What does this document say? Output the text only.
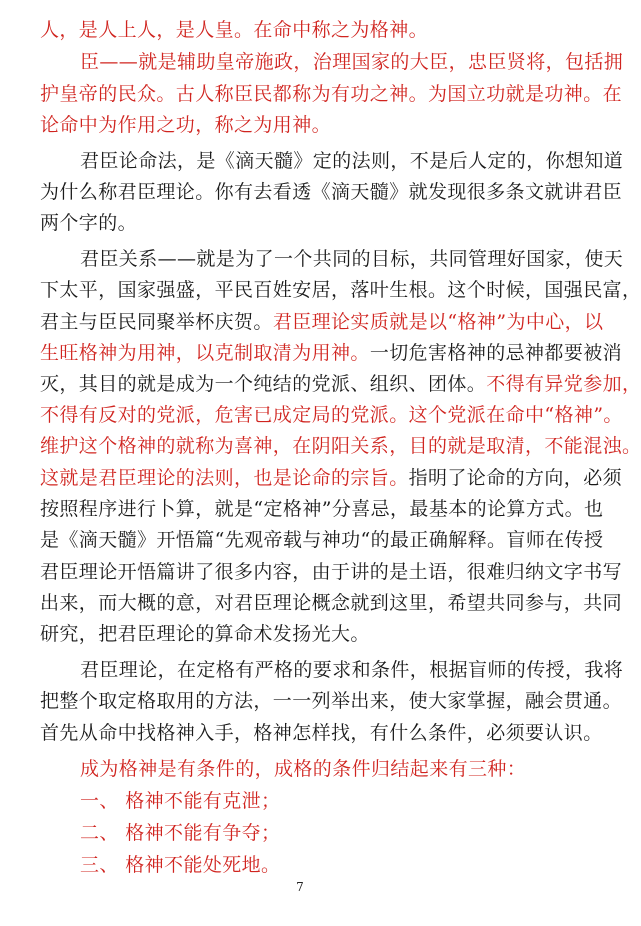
人，是人上人，是人皇。在命中称之为格神。
臣——就是辅助皇帝施政，治理国家的大臣，忠臣贤将，包括拥
护皇帝的民众。古人称臣民都称为有功之神。为国立功就是功神。在
论命中为作用之功，称之为用神。
君臣论命法，是《滴天髓》定的法则，不是后人定的，你想知道
为什么称君臣理论。你有去看透《滴天髓》就发现很多条文就讲君臣
两个字的。
君臣关系——就是为了一个共同的目标，共同管理好国家，使天
下太平，国家强盛，平民百姓安居，落叶生根。这个时候，国强民富，
君主与臣民同聚举杯庆贺。君臣理论实质就是以“格神”为中心，以
生旺格神为用神，以克制取清为用神。一切危害格神的忌神都要被消
灭，其目的就是成为一个纯结的党派、组织、团体。不得有异党参加，
不得有反对的党派，危害已成定局的党派。这个党派在命中“格神”。
维护这个格神的就称为喜神，在阴阳关系，目的就是取清，不能混浊。
这就是君臣理论的法则，也是论命的宗旨。指明了论命的方向，必须
按照程序进行卜算，就是“定格神”分喜忌，最基本的论算方式。也
是《滴天髓》开悟篇“先观帝载与神功“的最正确解释。盲师在传授
君臣理论开悟篇讲了很多内容，由于讲的是土语，很难归纳文字书写
出来，而大概的意，对君臣理论概念就到这里，希望共同参与，共同
研究，把君臣理论的算命术发扬光大。
君臣理论，在定格有严格的要求和条件，根据盲师的传授，我将
把整个取定格取用的方法，一一列举出来，使大家掌握，融会贯通。
首先从命中找格神入手，格神怎样找，有什么条件，必须要认识。
成为格神是有条件的，成格的条件归结起来有三种：
一、 格神不能有克泄；
二、 格神不能有争夺；
三、 格神不能处死地。
7
